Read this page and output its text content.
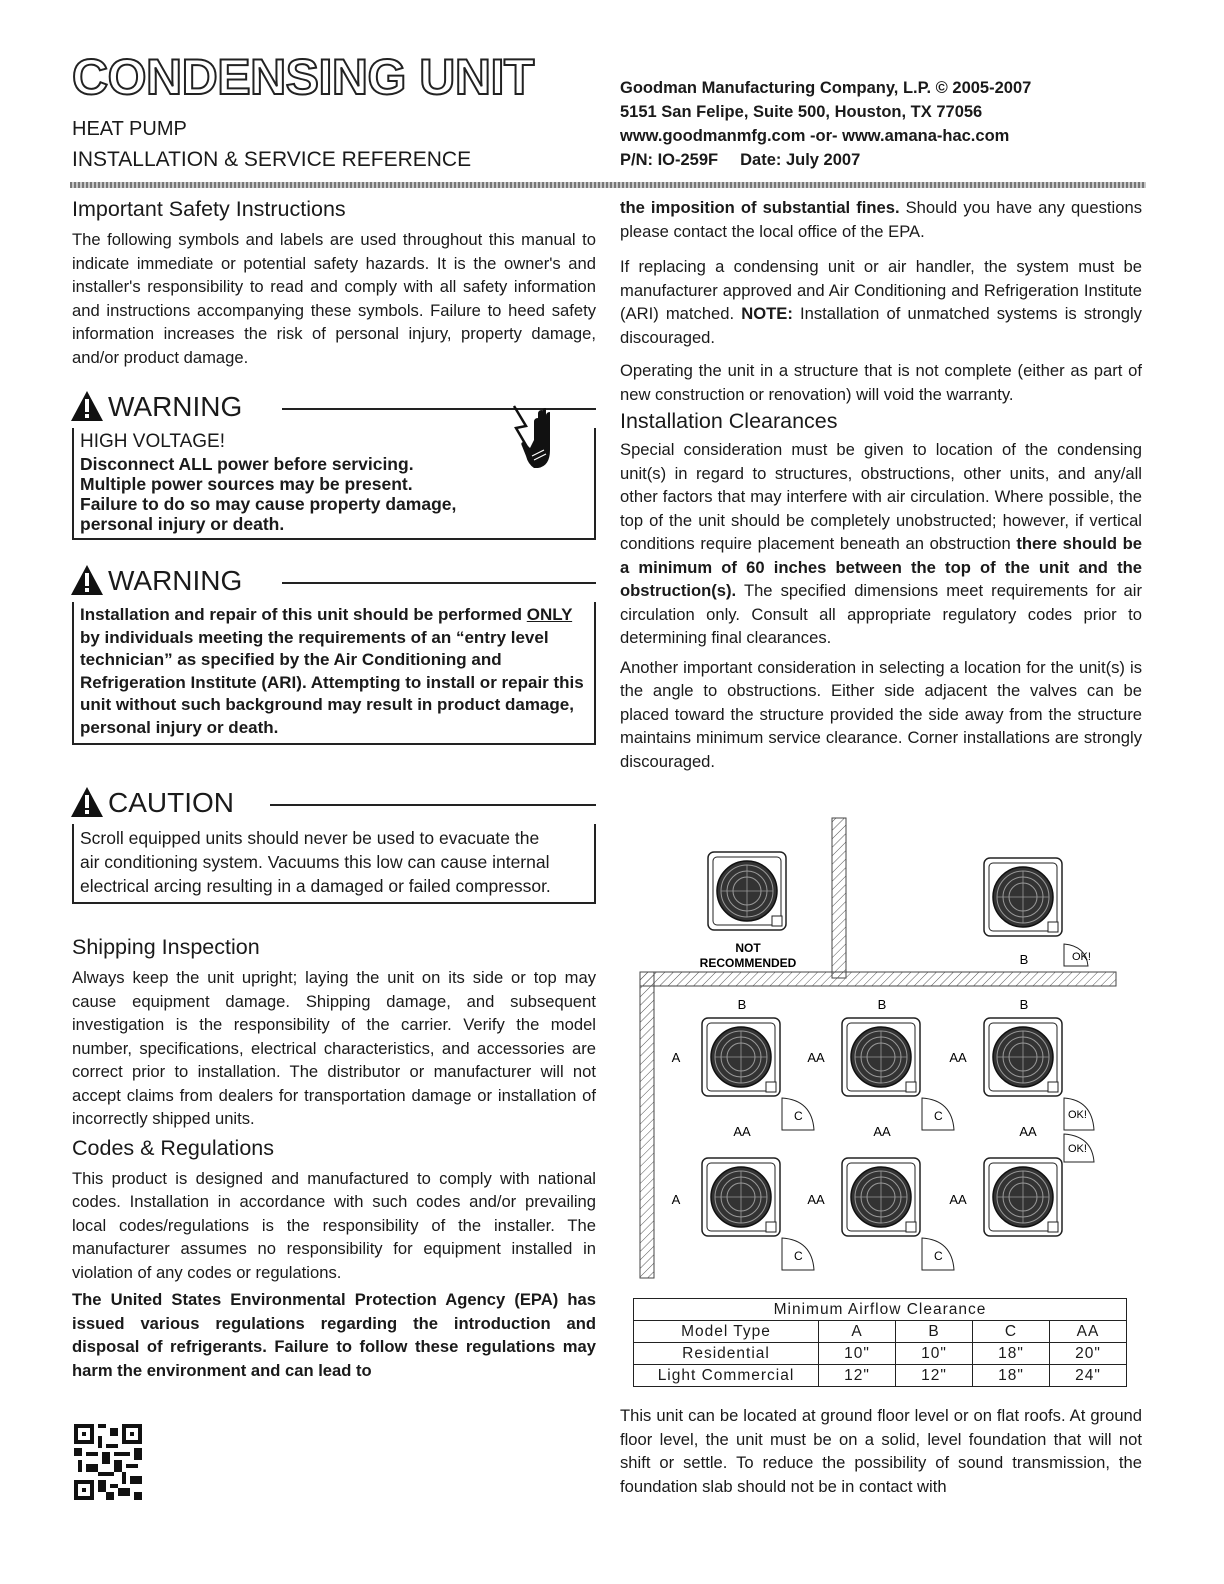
CONDENSING UNIT
HEAT PUMP
INSTALLATION & SERVICE REFERENCE
Goodman Manufacturing Company, L.P. © 2005-2007
5151 San Felipe, Suite 500, Houston, TX 77056
www.goodmanmfg.com -or- www.amana-hac.com
P/N: IO-259F Date: July 2007
Important Safety Instructions

The following symbols and labels are used throughout this manual to indicate immediate or potential safety hazards. It is the owner's and installer's responsibility to read and comply with all safety information and instructions accompanying these symbols. Failure to heed safety information increases the risk of personal injury, property damage, and/or product damage.

WARNING
HIGH VOLTAGE!
Disconnect ALL power before servicing.
Multiple power sources may be present.
Failure to do so may cause property damage,
personal injury or death.
WARNING
Installation and repair of this unit should be performed ONLY by individuals meeting the requirements of an “entry level technician” as specified by the Air Conditioning and Refrigeration Institute (ARI). Attempting to install or repair this unit without such background may result in product damage, personal injury or death.
CAUTION
Scroll equipped units should never be used to evacuate the air conditioning system. Vacuums this low can cause internal electrical arcing resulting in a damaged or failed compressor.
Shipping Inspection

Always keep the unit upright; laying the unit on its side or top may cause equipment damage. Shipping damage, and subsequent investigation is the responsibility of the carrier. Verify the model number, specifications, electrical characteristics, and accessories are correct prior to installation. The distributor or manufacturer will not accept claims from dealers for transportation damage or installation of incorrectly shipped units.

Codes & Regulations

This product is designed and manufactured to comply with national codes. Installation in accordance with such codes and/or prevailing local codes/regulations is the responsibility of the installer. The manufacturer assumes no responsibility for equipment installed in violation of any codes or regulations.

The United States Environmental Protection Agency (EPA) has issued various regulations regarding the introduction and disposal of refrigerants. Failure to follow these regulations may harm the environment and can lead to

the imposition of substantial fines. Should you have any questions please contact the local office of the EPA.

If replacing a condensing unit or air handler, the system must be manufacturer approved and Air Conditioning and Refrigeration Institute (ARI) matched. NOTE: Installation of unmatched systems is strongly discouraged.

Operating the unit in a structure that is not complete (either as part of new construction or renovation) will void the warranty.

Installation Clearances

Special consideration must be given to location of the condensing unit(s) in regard to structures, obstructions, other units, and any/all other factors that may interfere with air circulation. Where possible, the top of the unit should be completely unobstructed; however, if vertical conditions require placement beneath an obstruction there should be a minimum of 60 inches between the top of the unit and the obstruction(s). The specified dimensions meet requirements for air circulation only. Consult all appropriate regulatory codes prior to determining final clearances.

Another important consideration in selecting a location for the unit(s) is the angle to obstructions. Either side adjacent the valves can be placed toward the structure provided the side away from the structure maintains minimum service clearance. Corner installations are strongly discouraged.

NOT
RECOMMENDED	B	OK!
B	B	B
A	AA	AA
C	C	OK!
OK!
AA	AA	AA
A	AA	AA
C	C
Minimum Airflow Clearance				
Model Type	A	B	C	AA
Residential	10"	10"	18"	20"
Light Commercial	12"	12"	18"	24"

This unit can be located at ground floor level or on flat roofs. At ground floor level, the unit must be on a solid, level foundation that will not shift or settle. To reduce the possibility of sound transmission, the foundation slab should not be in contact with
